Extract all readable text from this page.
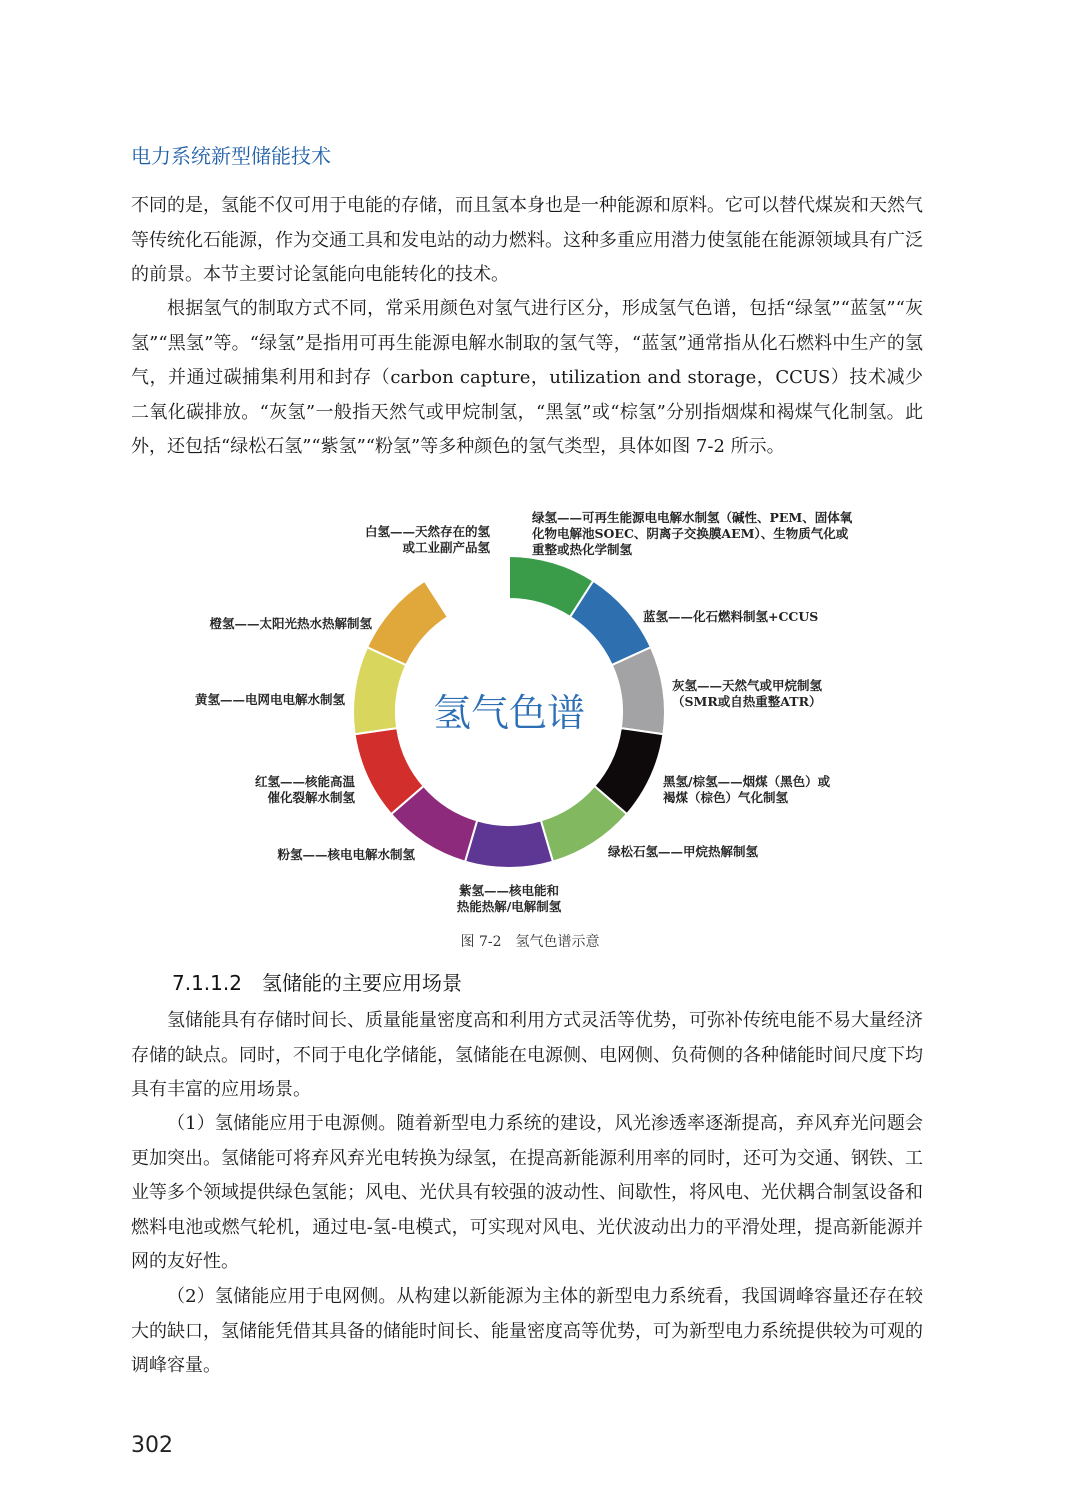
电力系统新型储能技术

不同的是，氢能不仅可用于电能的存储，而且氢本身也是一种能源和原料。它可以替代煤炭和天然气等传统化石能源，作为交通工具和发电站的动力燃料。这种多重应用潜力使氢能在能源领域具有广泛的前景。本节主要讨论氢能向电能转化的技术。

根据氢气的制取方式不同，常采用颜色对氢气进行区分，形成氢气色谱，包括“绿氢”“蓝氢”“灰氢”“黑氢”等。“绿氢”是指用可再生能源电解水制取的氢气等，“蓝氢”通常指从化石燃料中生产的氢气，并通过碳捕集利用和封存（carbon capture，utilization and storage，CCUS）技术减少二氧化碳排放。“灰氢”一般指天然气或甲烷制氢，“黑氢”或“棕氢”分别指烟煤和褐煤气化制氢。此外，还包括“绿松石氢”“紫氢”“粉氢”等多种颜色的氢气类型，具体如图 7-2 所示。

氢气色谱
绿氢——可再生能源电电解水制氢（碱性、PEM、固体氧
化物电解池SOEC、阴离子交换膜AEM）、生物质气化或
重整或热化学制氢
蓝氢——化石燃料制氢+CCUS
灰氢——天然气或甲烷制氢
（SMR或自热重整ATR）
黑氢/棕氢——烟煤（黑色）或
褐煤（棕色）气化制氢
绿松石氢——甲烷热解制氢
紫氢——核电能和
热能热解/电解制氢
粉氢——核电电解水制氢
红氢——核能高温
催化裂解水制氢
黄氢——电网电电解水制氢
橙氢——太阳光热水热解制氢
白氢——天然存在的氢
或工业副产品氢
图 7-2　氢气色谱示意
7.1.1.2　氢储能的主要应用场景

氢储能具有存储时间长、质量能量密度高和利用方式灵活等优势，可弥补传统电能不易大量经济存储的缺点。同时，不同于电化学储能，氢储能在电源侧、电网侧、负荷侧的各种储能时间尺度下均具有丰富的应用场景。

（1）氢储能应用于电源侧。随着新型电力系统的建设，风光渗透率逐渐提高，弃风弃光问题会更加突出。氢储能可将弃风弃光电转换为绿氢，在提高新能源利用率的同时，还可为交通、钢铁、工业等多个领域提供绿色氢能；风电、光伏具有较强的波动性、间歇性，将风电、光伏耦合制氢设备和燃料电池或燃气轮机，通过电-氢-电模式，可实现对风电、光伏波动出力的平滑处理，提高新能源并网的友好性。

（2）氢储能应用于电网侧。从构建以新能源为主体的新型电力系统看，我国调峰容量还存在较大的缺口，氢储能凭借其具备的储能时间长、能量密度高等优势，可为新型电力系统提供较为可观的调峰容量。

302
